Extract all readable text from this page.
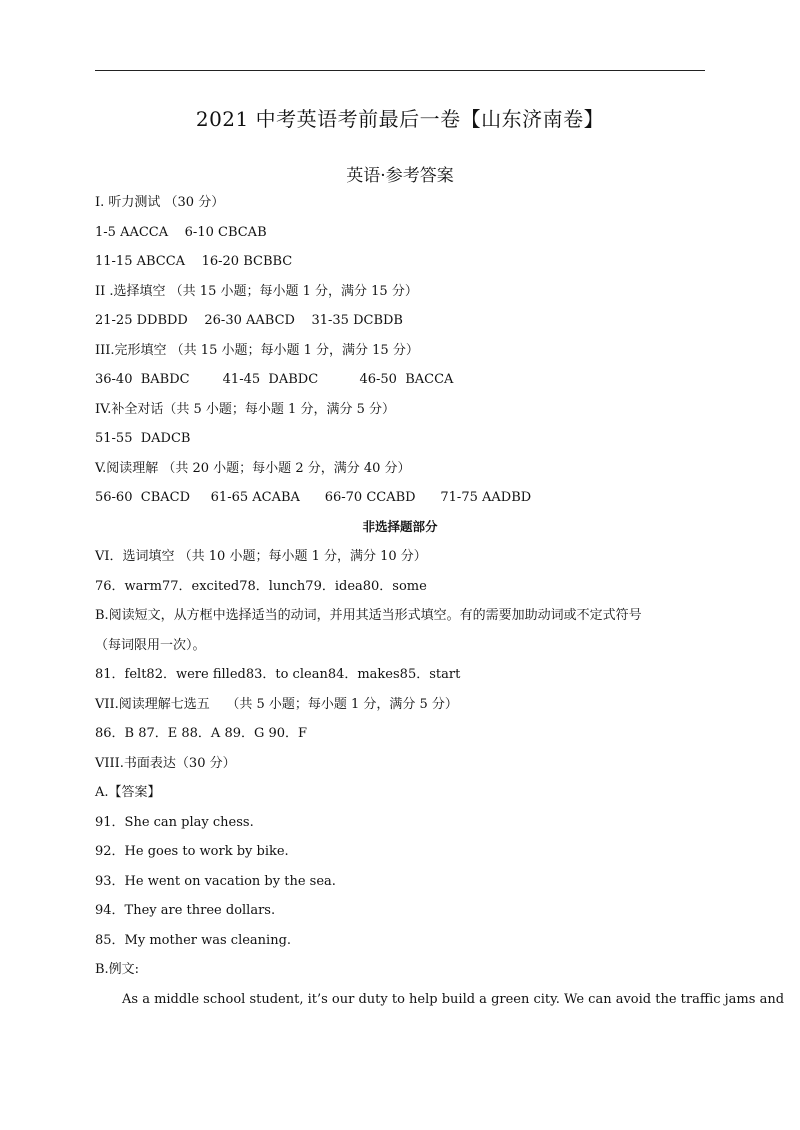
2021 中考英语考前最后一卷【山东济南卷】
英语·参考答案
I. 听力测试 （30 分）
1-5 AACCA    6-10 CBCAB
11-15 ABCCA    16-20 BCBBC
II .选择填空 （共 15 小题；每小题 1 分，满分 15 分）
21-25 DDBDD    26-30 AABCD    31-35 DCBDB
III.完形填空 （共 15 小题；每小题 1 分，满分 15 分）
36-40  BABDC        41-45  DABDC          46-50  BACCA
IV.补全对话（共 5 小题；每小题 1 分，满分 5 分）
51-55  DADCB
V.阅读理解 （共 20 小题；每小题 2 分，满分 40 分）
56-60  CBACD     61-65 ACABA      66-70 CCABD      71-75 AADBD
非选择题部分
VI．选词填空 （共 10 小题；每小题 1 分，满分 10 分）
76．warm77．excited78．lunch79．idea80．some
B.阅读短文，从方框中选择适当的动词，并用其适当形式填空。有的需要加助动词或不定式符号
（每词限用一次）。
81．felt82．were filled83．to clean84．makes85．start
VII.阅读理解七选五    （共 5 小题；每小题 1 分，满分 5 分）
86．B 87．E 88．A 89．G 90．F
VIII.书面表达（30 分）
A.【答案】
91．She can play chess.
92．He goes to work by bike.
93．He went on vacation by the sea.
94．They are three dollars.
85．My mother was cleaning.
B.例文:
As a middle school student, it’s our duty to help build a green city. We can avoid the traffic jams and
